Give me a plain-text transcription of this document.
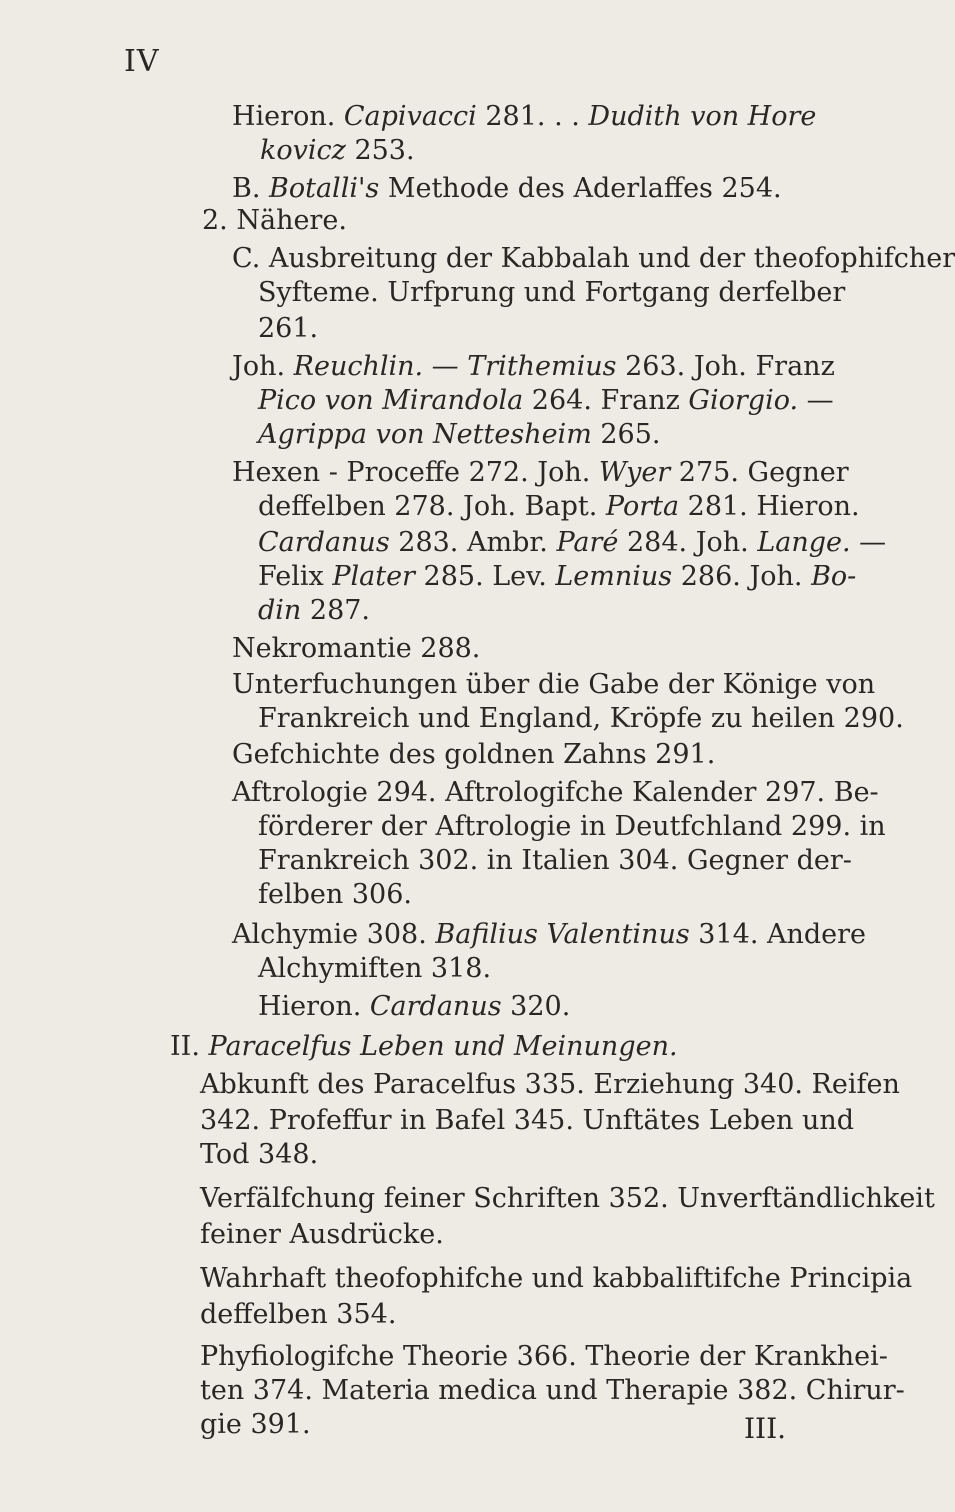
IV
Hieron. Capivacci 281. . . Dudith von Hore
kovicz 253.
B. Botalli's Methode des Aderlaffes 254.
2. Nähere.
C. Ausbreitung der Kabbalah und der theofophifcher
Syfteme. Urfprung und Fortgang derfelber
261.
Joh. Reuchlin. — Trithemius 263. Joh. Franz
Pico von Mirandola 264. Franz Giorgio. —
Agrippa von Nettesheim 265.
Hexen - Proceffe 272. Joh. Wyer 275. Gegner
deffelben 278. Joh. Bapt. Porta 281. Hieron.
Cardanus 283. Ambr. Paré 284. Joh. Lange. —
Felix Plater 285. Lev. Lemnius 286. Joh. Bo-
din 287.
Nekromantie 288.
Unterfuchungen über die Gabe der Könige von
Frankreich und England, Kröpfe zu heilen 290.
Gefchichte des goldnen Zahns 291.
Aftrologie 294. Aftrologifche Kalender 297. Be-
förderer der Aftrologie in Deutfchland 299. in
Frankreich 302. in Italien 304. Gegner der-
felben 306.
Alchymie 308. Bafilius Valentinus 314. Andere
Alchymiften 318.
Hieron. Cardanus 320.
II. Paracelfus Leben und Meinungen.
Abkunft des Paracelfus 335. Erziehung 340. Reifen
342. Profeffur in Bafel 345. Unftätes Leben und
Tod 348.
Verfälfchung feiner Schriften 352. Unverftändlichkeit
feiner Ausdrücke.
Wahrhaft theofophifche und kabbaliftifche Principia
deffelben 354.
Phyfiologifche Theorie 366. Theorie der Krankhei-
ten 374. Materia medica und Therapie 382. Chirur-
gie 391.	III.
